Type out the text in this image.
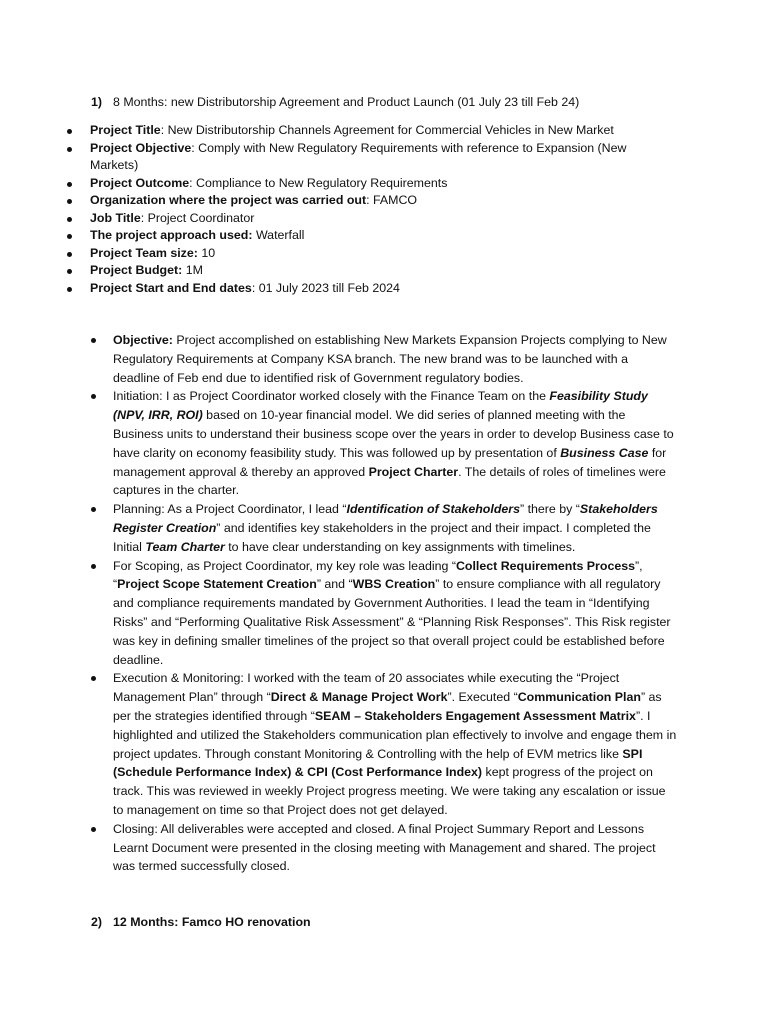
1) 8 Months: new Distributorship Agreement and Product Launch (01 July 23 till Feb 24)
Project Title: New Distributorship Channels Agreement for Commercial Vehicles in New Market
Project Objective: Comply with New Regulatory Requirements with reference to Expansion (New Markets)
Project Outcome: Compliance to New Regulatory Requirements
Organization where the project was carried out: FAMCO
Job Title: Project Coordinator
The project approach used: Waterfall
Project Team size: 10
Project Budget: 1M
Project Start and End dates: 01 July 2023 till Feb 2024
Objective: Project accomplished on establishing New Markets Expansion Projects complying to New Regulatory Requirements at Company KSA branch. The new brand was to be launched with a deadline of Feb end due to identified risk of Government regulatory bodies.
Initiation: I as Project Coordinator worked closely with the Finance Team on the Feasibility Study (NPV, IRR, ROI) based on 10-year financial model. We did series of planned meeting with the Business units to understand their business scope over the years in order to develop Business case to have clarity on economy feasibility study. This was followed up by presentation of Business Case for management approval & thereby an approved Project Charter. The details of roles of timelines were captures in the charter.
Planning: As a Project Coordinator, I lead “Identification of Stakeholders” there by “Stakeholders Register Creation” and identifies key stakeholders in the project and their impact. I completed the Initial Team Charter to have clear understanding on key assignments with timelines.
For Scoping, as Project Coordinator, my key role was leading “Collect Requirements Process”, “Project Scope Statement Creation” and “WBS Creation” to ensure compliance with all regulatory and compliance requirements mandated by Government Authorities. I lead the team in “Identifying Risks” and “Performing Qualitative Risk Assessment” & “Planning Risk Responses”. This Risk register was key in defining smaller timelines of the project so that overall project could be established before deadline.
Execution & Monitoring: I worked with the team of 20 associates while executing the “Project Management Plan” through “Direct & Manage Project Work”. Executed “Communication Plan” as per the strategies identified through “SEAM – Stakeholders Engagement Assessment Matrix”. I highlighted and utilized the Stakeholders communication plan effectively to involve and engage them in project updates. Through constant Monitoring & Controlling with the help of EVM metrics like SPI (Schedule Performance Index) & CPI (Cost Performance Index) kept progress of the project on track. This was reviewed in weekly Project progress meeting. We were taking any escalation or issue to management on time so that Project does not get delayed.
Closing: All deliverables were accepted and closed. A final Project Summary Report and Lessons Learnt Document were presented in the closing meeting with Management and shared. The project was termed successfully closed.
2) 12 Months: Famco HO renovation
